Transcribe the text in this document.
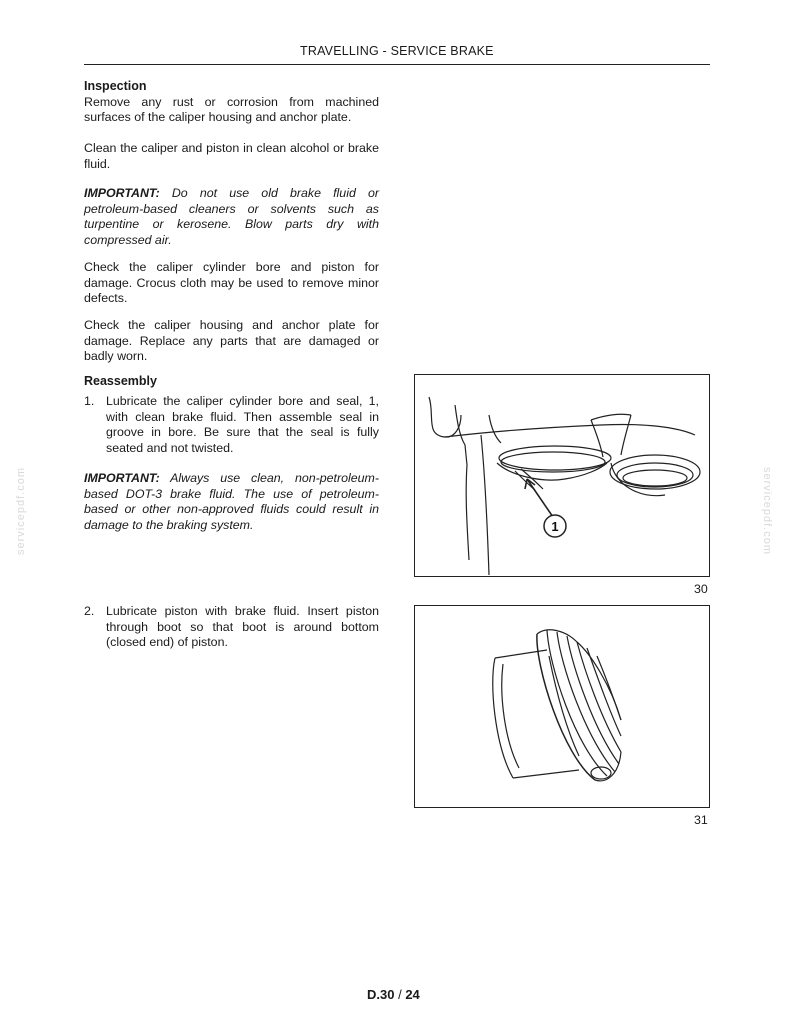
TRAVELLING - SERVICE BRAKE

Inspection

Remove any rust or corrosion from machined surfaces of the caliper housing and anchor plate.

Clean the caliper and piston in clean alcohol or brake fluid.

IMPORTANT: Do not use old brake fluid or petroleum-based cleaners or solvents such as turpentine or kerosene. Blow parts dry with compressed air.

Check the caliper cylinder bore and piston for damage. Crocus cloth may be used to remove minor defects.

Check the caliper housing and anchor plate for damage. Replace any parts that are damaged or badly worn.

Reassembly

1. Lubricate the caliper cylinder bore and seal, 1, with clean brake fluid. Then assemble seal in groove in bore. Be sure that the seal is fully seated and not twisted.

IMPORTANT: Always use clean, non-petroleum-based DOT-3 brake fluid. The use of petroleum-based or other non-approved fluids could result in damage to the braking system.

2. Lubricate piston with brake fluid. Insert piston through boot so that boot is around bottom (closed end) of piston.
1
30
31
servicepdf.com	servicepdf.com
D.30 / 24
